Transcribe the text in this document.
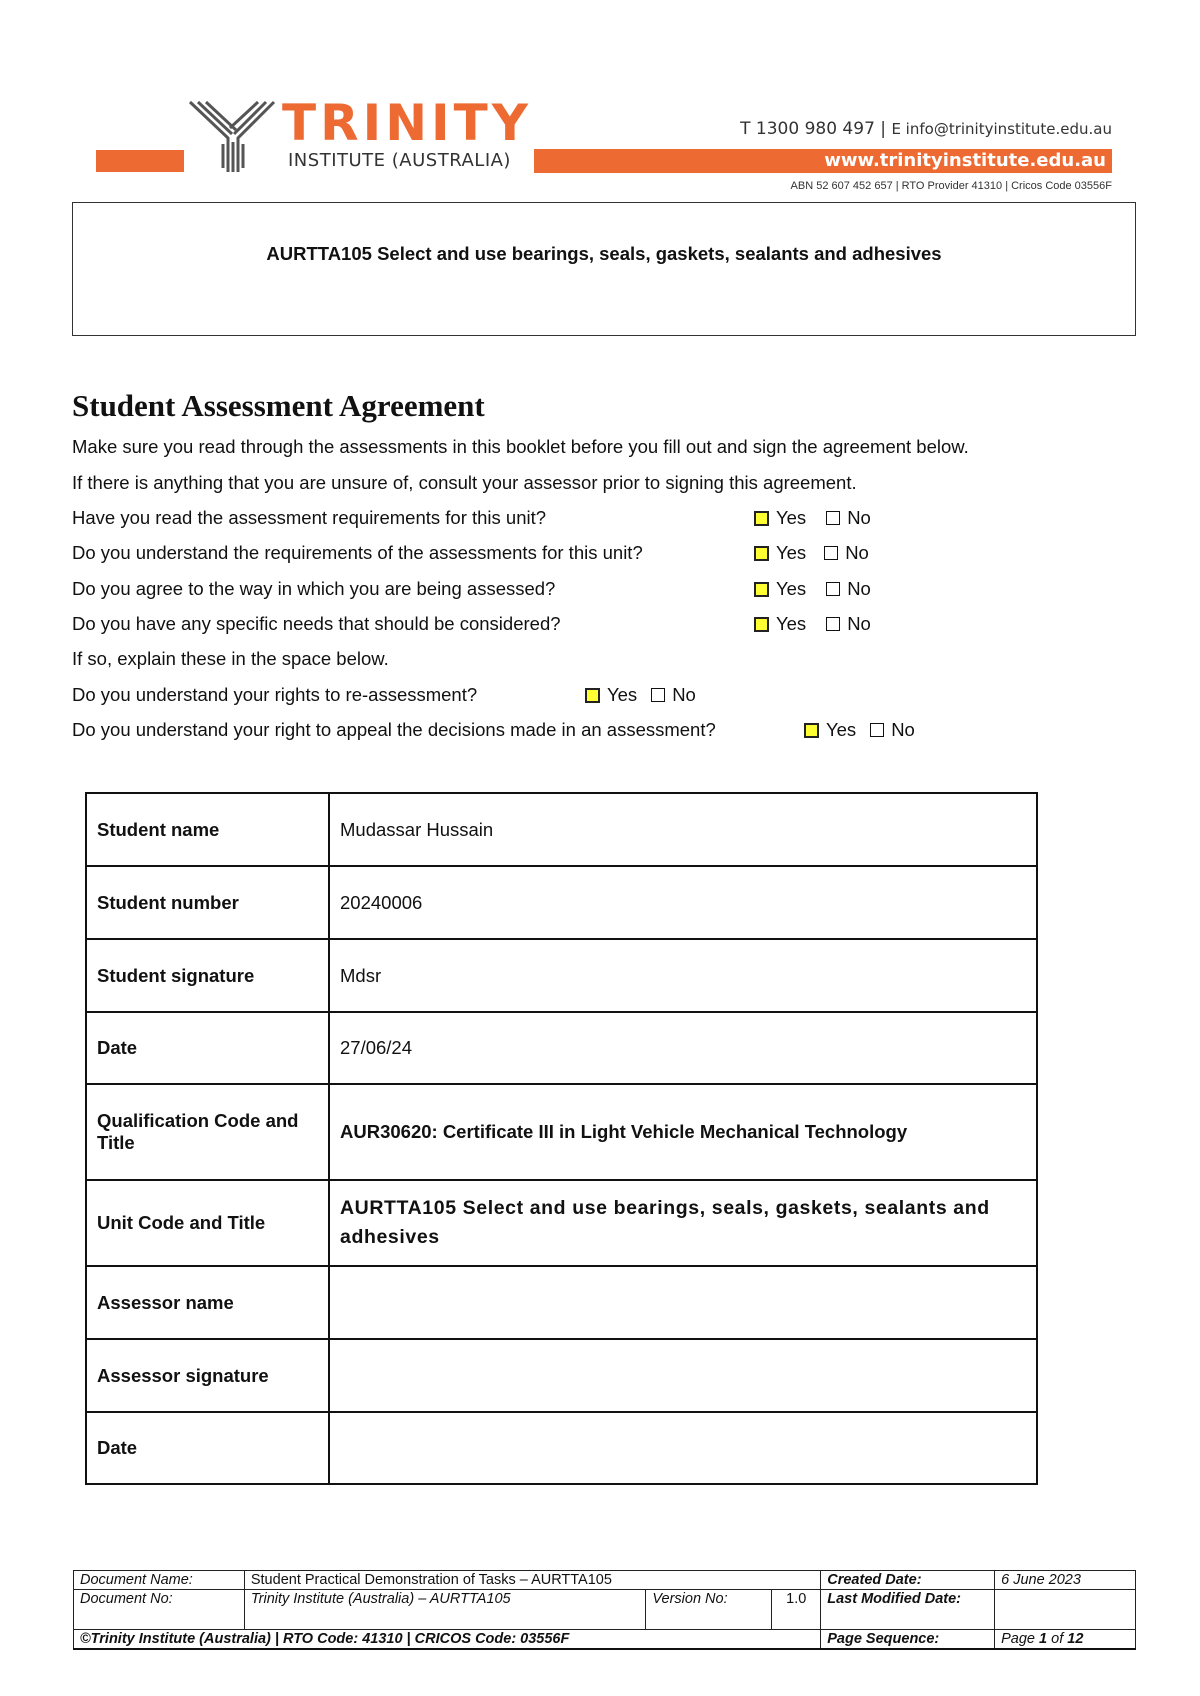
TRINITY
INSTITUTE (AUSTRALIA)
T 1300 980 497 | E info@trinityinstitute.edu.au
www.trinityinstitute.edu.au
ABN 52 607 452 657 | RTO Provider 41310 | Cricos Code 03556F
AURTTA105 Select and use bearings, seals, gaskets, sealants and adhesives
Student Assessment Agreement
Make sure you read through the assessments in this booklet before you fill out and sign the agreement below.
If there is anything that you are unsure of, consult your assessor prior to signing this agreement.
Have you read the assessment requirements for this unit?	Yes No
Do you understand the requirements of the assessments for this unit?	Yes No
Do you agree to the way in which you are being assessed?	Yes No
Do you have any specific needs that should be considered?	Yes No
If so, explain these in the space below.
Do you understand your rights to re-assessment?	Yes No
Do you understand your right to appeal the decisions made in an assessment?	Yes No
Student name	Mudassar Hussain
Student number	20240006
Student signature	Mdsr
Date	27/06/24
Qualification Code and Title	AUR30620: Certificate III in Light Vehicle Mechanical Technology
Unit Code and Title	AURTTA105 Select and use bearings, seals, gaskets, sealants and adhesives
Assessor name	
Assessor signature	
Date	
Document Name:	Student Practical Demonstration of Tasks – AURTTA105			Created Date:	6 June 2023
Document No:	Trinity Institute (Australia) – AURTTA105	Version No:	1.0	Last Modified Date:	
©Trinity Institute (Australia) | RTO Code: 41310 | CRICOS Code: 03556F				Page Sequence:	Page 1 of 12
